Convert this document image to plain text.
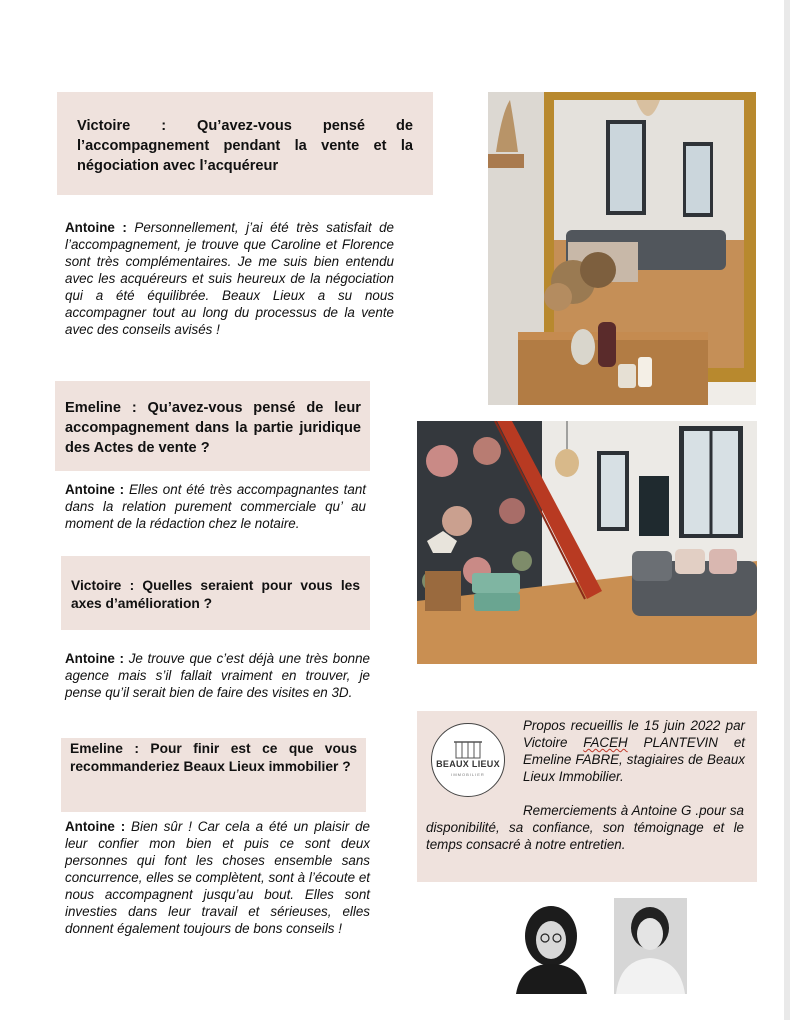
Victoire : Qu’avez-vous pensé de l’accompagnement pendant la vente et la négociation avec l’acquéreur

Antoine : Personnellement, j’ai été très satisfait de l’accompagnement, je trouve que Caroline et Florence sont très complémentaires. Je me suis bien entendu avec les acquéreurs et suis heureux de la négociation qui a été équilibrée. Beaux Lieux a su nous accompagner tout au long du processus de la vente avec des conseils avisés !

Emeline : Qu’avez-vous pensé de leur accompagnement dans la partie juridique des Actes de vente ?

Antoine : Elles ont été très accompagnantes tant dans la relation purement commerciale qu’ au moment de la rédaction chez le notaire.

Victoire : Quelles seraient pour vous les axes d’amélioration ?

Antoine : Je trouve que c’est déjà une très bonne agence mais s’il fallait vraiment en trouver, je pense qu’il serait bien de faire des visites en 3D.

Emeline : Pour finir est ce que vous recommanderiez Beaux Lieux immobilier ?

Antoine : Bien sûr ! Car cela a été un plaisir de leur confier mon bien et puis ce sont deux personnes qui font les choses ensemble sans concurrence, elles se complètent, sont à l’écoute et nous accompagnent jusqu’au bout. Elles sont investies dans leur travail et sérieuses, elles donnent également toujours de bons conseils !

BEAUX LIEUX
IMMOBILIER

Propos recueillis le 15 juin 2022 par Victoire FACEH PLANTEVIN et Emeline FABRE, stagiaires de Beaux Lieux Immobilier.

Remerciements à Antoine G .pour sa disponibilité, sa confiance, son témoignage et le temps consacré à notre entretien.
